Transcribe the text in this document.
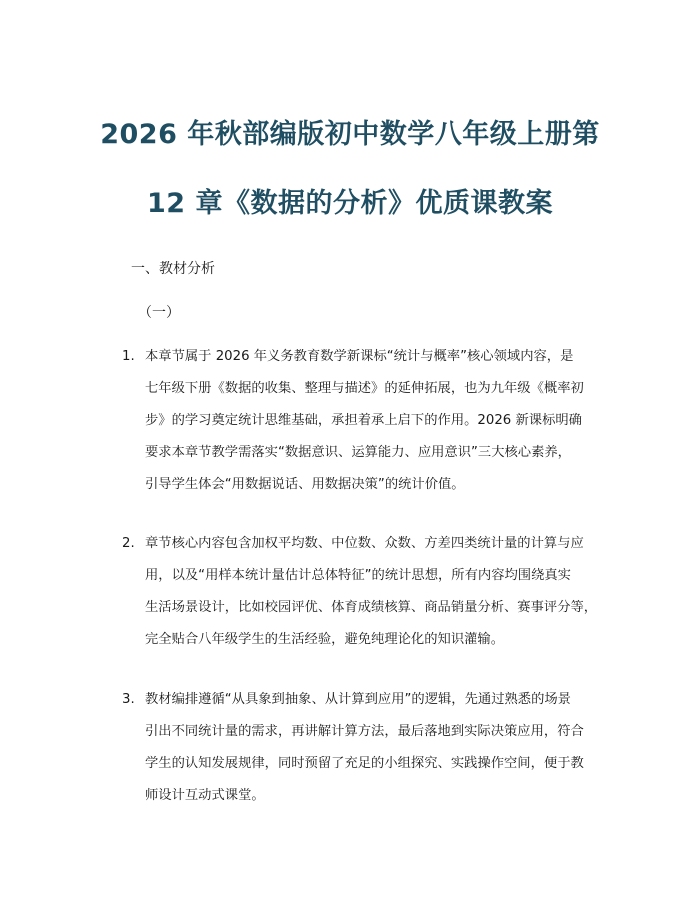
2026 年秋部编版初中数学八年级上册第
12 章《数据的分析》优质课教案
一、教材分析
（一）
1. 本章节属于 2026 年义务教育数学新课标“统计与概率”核心领域内容，是
七年级下册《数据的收集、整理与描述》的延伸拓展，也为九年级《概率初
步》的学习奠定统计思维基础，承担着承上启下的作用。2026 新课标明确
要求本章节教学需落实“数据意识、运算能力、应用意识”三大核心素养，
引导学生体会“用数据说话、用数据决策”的统计价值。
2. 章节核心内容包含加权平均数、中位数、众数、方差四类统计量的计算与应
用，以及“用样本统计量估计总体特征”的统计思想，所有内容均围绕真实
生活场景设计，比如校园评优、体育成绩核算、商品销量分析、赛事评分等，
完全贴合八年级学生的生活经验，避免纯理论化的知识灌输。
3. 教材编排遵循“从具象到抽象、从计算到应用”的逻辑，先通过熟悉的场景
引出不同统计量的需求，再讲解计算方法，最后落地到实际决策应用，符合
学生的认知发展规律，同时预留了充足的小组探究、实践操作空间，便于教
师设计互动式课堂。
